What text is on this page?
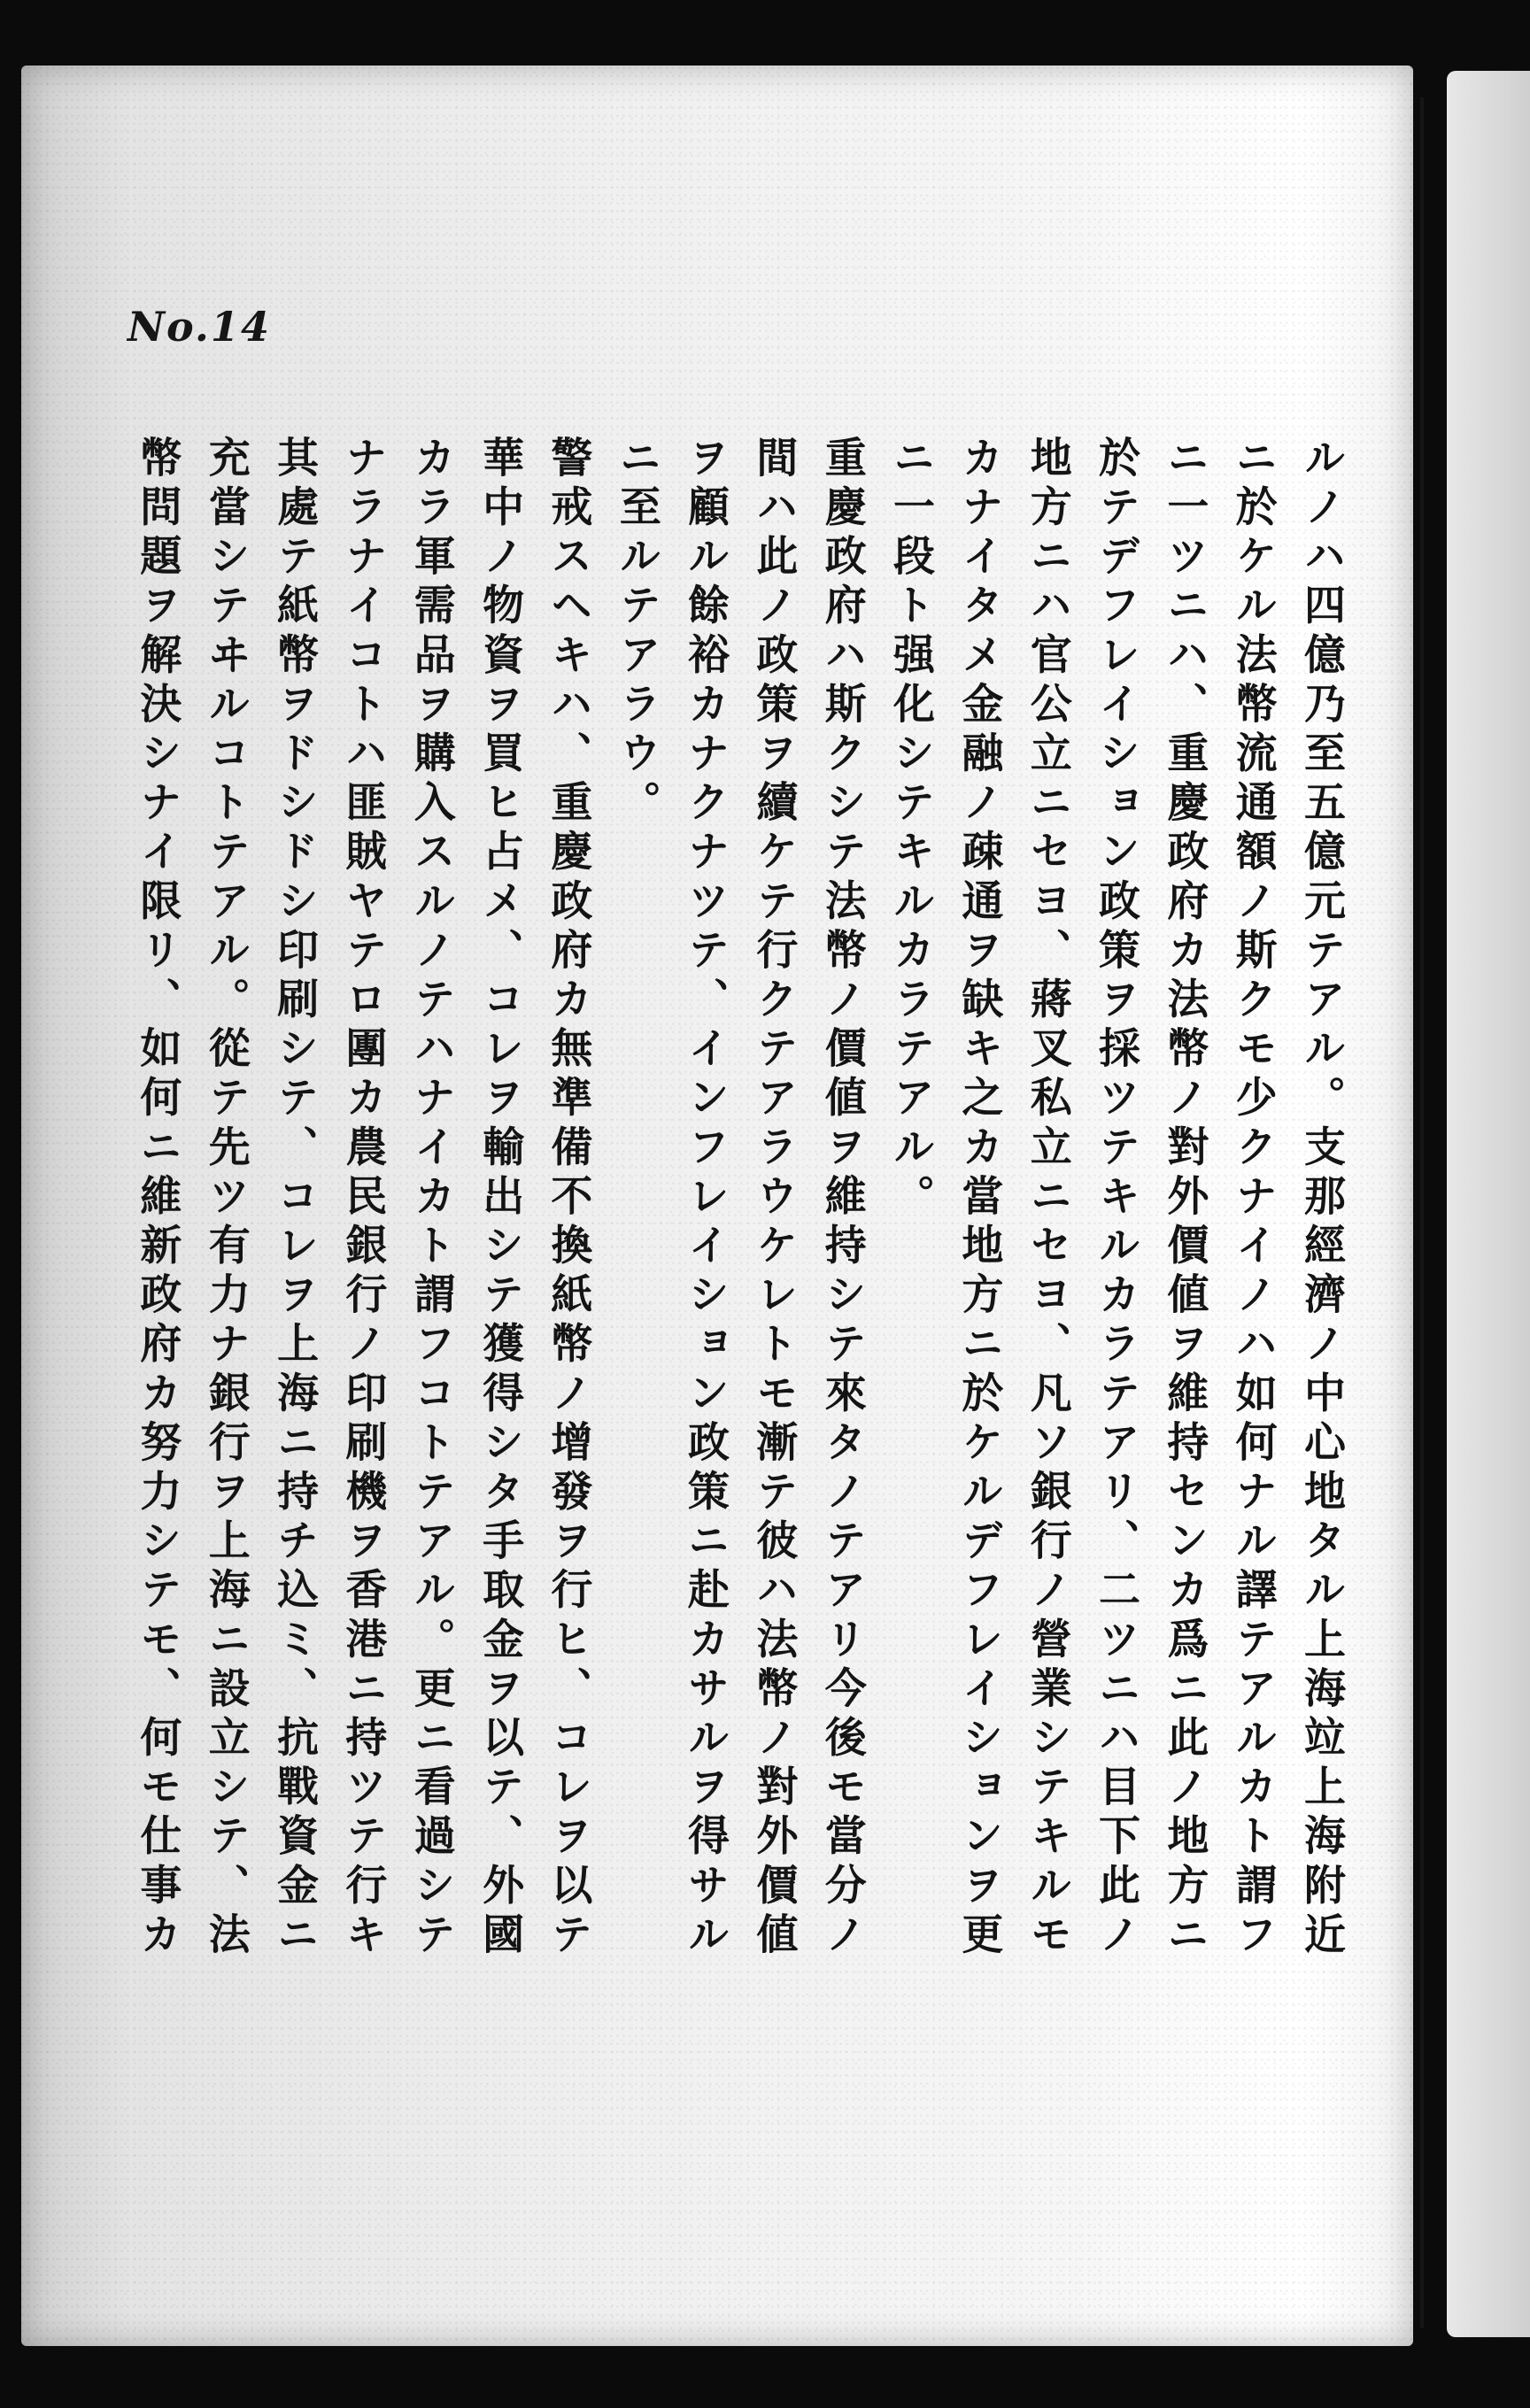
No.14
ルノハ四億乃至五億元テアル。支那經濟ノ中心地タル上海竝上海附近
ニ於ケル法幣流通額ノ斯クモ少クナイノハ如何ナル譯テアルカト謂フ
ニ一ツニハ、重慶政府カ法幣ノ對外價値ヲ維持センカ爲ニ此ノ地方ニ
於テデフレイション政策ヲ採ツテキルカラテアリ、二ツニハ目下此ノ
地方ニハ官公立ニセヨ、蔣叉私立ニセヨ、凡ソ銀行ノ營業シテキルモ
カナイタメ金融ノ疎通ヲ缺キ之カ當地方ニ於ケルデフレイションヲ更
ニ一段ト强化シテキルカラテアル。
重慶政府ハ斯クシテ法幣ノ價値ヲ維持シテ來タノテアリ今後モ當分ノ
間ハ此ノ政策ヲ續ケテ行クテアラウケレトモ漸テ彼ハ法幣ノ對外價値
ヲ顧ル餘裕カナクナツテ、インフレイション政策ニ赴カサルヲ得サル
ニ至ルテアラウ。
警戒スヘキハ、重慶政府カ無準備不換紙幣ノ增發ヲ行ヒ、コレヲ以テ
華中ノ物資ヲ買ヒ占メ、コレヲ輸出シテ獲得シタ手取金ヲ以テ、外國
カラ軍需品ヲ購入スルノテハナイカト謂フコトテアル。更ニ看過シテ
ナラナイコトハ匪賊ヤテロ團カ農民銀行ノ印刷機ヲ香港ニ持ツテ行キ
其處テ紙幣ヲドシドシ印刷シテ、コレヲ上海ニ持チ込ミ、抗戰資金ニ
充當シテヰルコトテアル。從テ先ツ有力ナ銀行ヲ上海ニ設立シテ、法
幣問題ヲ解決シナイ限リ、如何ニ維新政府カ努力シテモ、何モ仕事カ
